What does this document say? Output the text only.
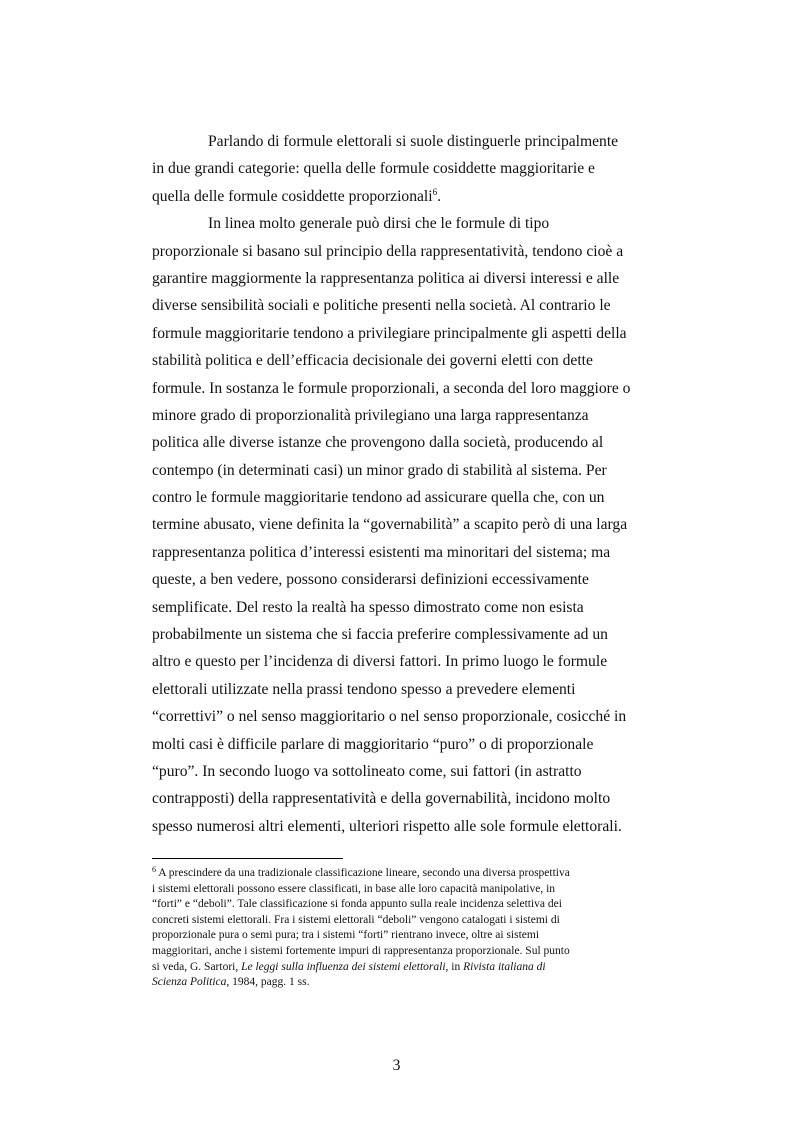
Parlando di formule elettorali si suole distinguerle principalmente
in due grandi categorie: quella delle formule cosiddette maggioritarie e
quella delle formule cosiddette proporzionali$^6$.
In linea molto generale può dirsi che le formule di tipo
proporzionale si basano sul principio della rappresentatività, tendono cioè a
garantire maggiormente la rappresentanza politica ai diversi interessi e alle
diverse sensibilità sociali e politiche presenti nella società. Al contrario le
formule maggioritarie tendono a privilegiare principalmente gli aspetti della
stabilità politica e dell’efficacia decisionale dei governi eletti con dette
formule. In sostanza le formule proporzionali, a seconda del loro maggiore o
minore grado di proporzionalità privilegiano una larga rappresentanza
politica alle diverse istanze che provengono dalla società, producendo al
contempo (in determinati casi) un minor grado di stabilità al sistema. Per
contro le formule maggioritarie tendono ad assicurare quella che, con un
termine abusato, viene definita la “governabilità” a scapito però di una larga
rappresentanza politica d’interessi esistenti ma minoritari del sistema; ma
queste, a ben vedere, possono considerarsi definizioni eccessivamente
semplificate. Del resto la realtà ha spesso dimostrato come non esista
probabilmente un sistema che si faccia preferire complessivamente ad un
altro e questo per l’incidenza di diversi fattori. In primo luogo le formule
elettorali utilizzate nella prassi tendono spesso a prevedere elementi
“correttivi” o nel senso maggioritario o nel senso proporzionale, cosicché in
molti casi è difficile parlare di maggioritario “puro” o di proporzionale
“puro”. In secondo luogo va sottolineato come, sui fattori (in astratto
contrapposti) della rappresentatività e della governabilità, incidono molto
spesso numerosi altri elementi, ulteriori rispetto alle sole formule elettorali.
$^6$ A prescindere da una tradizionale classificazione lineare, secondo una diversa prospettiva
i sistemi elettorali possono essere classificati, in base alle loro capacità manipolative, in
“forti” e “deboli”. Tale classificazione si fonda appunto sulla reale incidenza selettiva dei
concreti sistemi elettorali. Fra i sistemi elettorali “deboli” vengono catalogati i sistemi di
proporzionale pura o semi pura; tra i sistemi “forti” rientrano invece, oltre ai sistemi
maggioritari, anche i sistemi fortemente impuri di rappresentanza proporzionale. Sul punto
si veda, G. Sartori, Le leggi sulla influenza dei sistemi elettorali, in Rivista italiana di
Scienza Politica, 1984, pagg. 1 ss.
3
